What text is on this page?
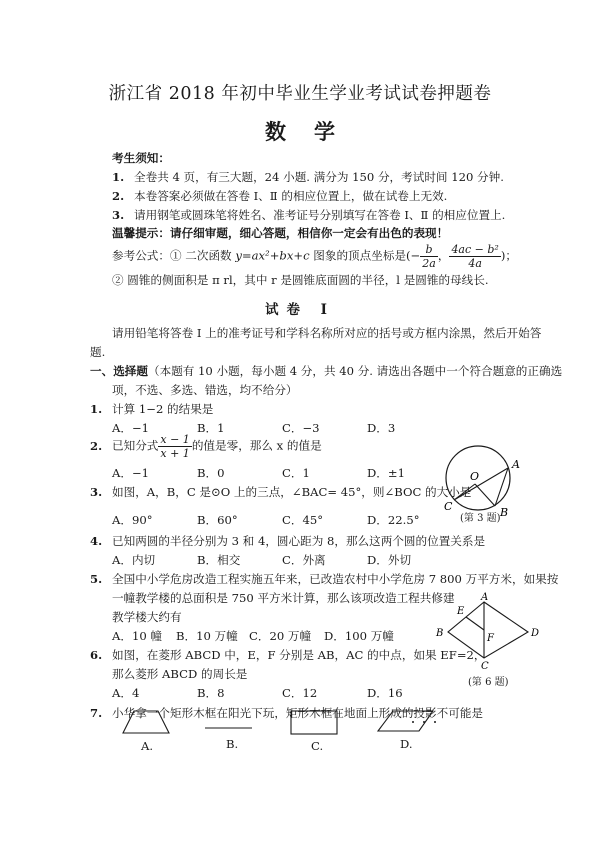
浙江省 2018 年初中毕业生学业考试试卷押题卷
数学
考生须知：
1. 全卷共 4 页，有三大题，24 小题. 满分为 150 分，考试时间 120 分钟.
2. 本卷答案必须做在答卷 Ⅰ、Ⅱ 的相应位置上，做在试卷上无效.
3. 请用钢笔或圆珠笔将姓名、准考证号分别填写在答卷 Ⅰ、Ⅱ 的相应位置上.
温馨提示：请仔细审题，细心答题，相信你一定会有出色的表现！
参考公式：① 二次函数 y=ax²+bx+c 图象的顶点坐标是(− $\frac{b}{2a}$ ， $\frac{\text{4ac − b²}}{4a}$ )；
② 圆锥的侧面积是 π rl，其中 r 是圆锥底面圆的半径，l 是圆锥的母线长.
试卷 Ⅰ
请用铅笔将答卷 Ⅰ 上的准考证号和学科名称所对应的括号或方框内涂黑，然后开始答
题.
一、选择题（本题有 10 小题，每小题 4 分，共 40 分. 请选出各题中一个符合题意的正确选
项，不选、多选、错选，均不给分）
1. 计算 1−2 的结果是
A．−1	B．1	C．−3	D．3
2. 已知分式 $\frac{x - 1}{x + 1}$ 的值是零，那么 x 的值是
A．−1	B．0	C．1	D．±1
3. 如图，A，B，C 是⊙O 上的三点，∠BAC= 45°，则∠BOC 的大小是
A．90°	B．60°	C．45°	D．22.5°
O
A
B
C
(第 3 题)
4. 已知两圆的半径分别为 3 和 4，圆心距为 8，那么这两个圆的位置关系是
A．内切	B．相交	C．外离	D．外切
5. 全国中小学危房改造工程实施五年来，已改造农村中小学危房 7 800 万平方米，如果按
一幢教学楼的总面积是 750 平方米计算，那么该项改造工程共修建
教学楼大约有
A．10 幢 B．10 万幢 C．20 万幢 D．100 万幢
6. 如图，在菱形 ABCD 中，E，F 分别是 AB，AC 的中点，如果 EF=2，
那么菱形 ABCD 的周长是
A．4	B．8	C．12	D．16
A
B
C
D
E
F
(第 6 题)
7. 小华拿一个矩形木框在阳光下玩，矩形木框在地面上形成的投影不可能是
A.	B.	C.	D.
